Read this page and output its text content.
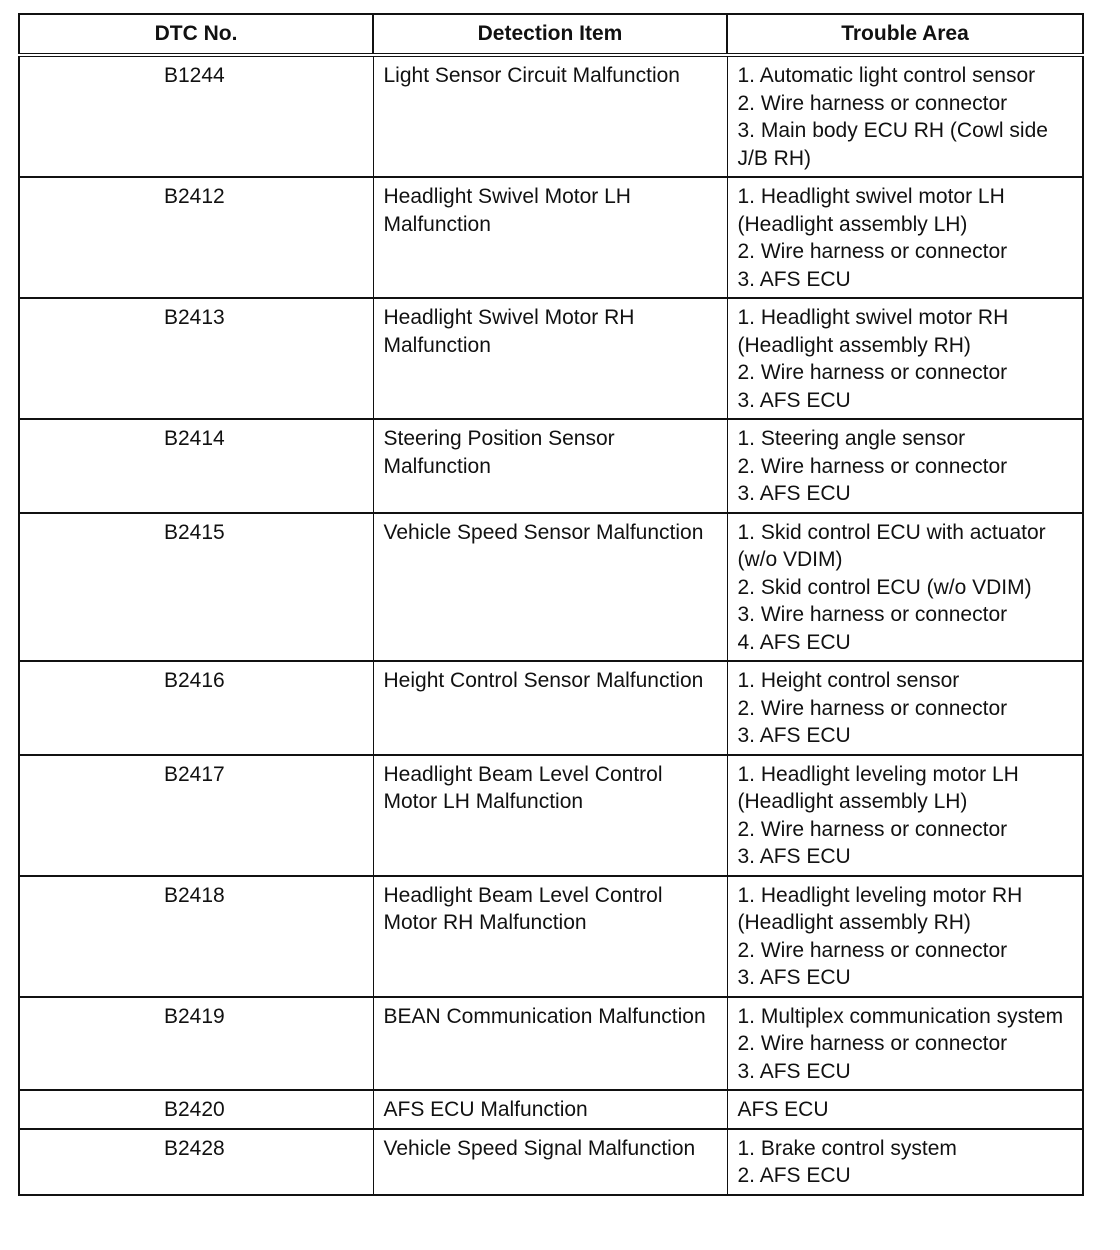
DTC No.	Detection Item	Trouble Area
B1244	Light Sensor Circuit Malfunction	1. Automatic light control sensor
2. Wire harness or connector
3. Main body ECU RH (Cowl side J/B RH)

B2412	Headlight Swivel Motor LH Malfunction	1. Headlight swivel motor LH (Headlight assembly LH)
2. Wire harness or connector
3. AFS ECU

B2413	Headlight Swivel Motor RH Malfunction	1. Headlight swivel motor RH (Headlight assembly RH)
2. Wire harness or connector
3. AFS ECU

B2414	Steering Position Sensor Malfunction	1. Steering angle sensor
2. Wire harness or connector
3. AFS ECU

B2415	Vehicle Speed Sensor Malfunction	1. Skid control ECU with actuator (w/o VDIM)
2. Skid control ECU (w/o VDIM)
3. Wire harness or connector
4. AFS ECU

B2416	Height Control Sensor Malfunction	1. Height control sensor
2. Wire harness or connector
3. AFS ECU

B2417	Headlight Beam Level Control Motor LH Malfunction	1. Headlight leveling motor LH (Headlight assembly LH)
2. Wire harness or connector
3. AFS ECU

B2418	Headlight Beam Level Control Motor RH Malfunction	1. Headlight leveling motor RH (Headlight assembly RH)
2. Wire harness or connector
3. AFS ECU

B2419	BEAN Communication Malfunction	1. Multiplex communication system
2. Wire harness or connector
3. AFS ECU

B2420	AFS ECU Malfunction	AFS ECU

B2428	Vehicle Speed Signal Malfunction	1. Brake control system
2. AFS ECU
